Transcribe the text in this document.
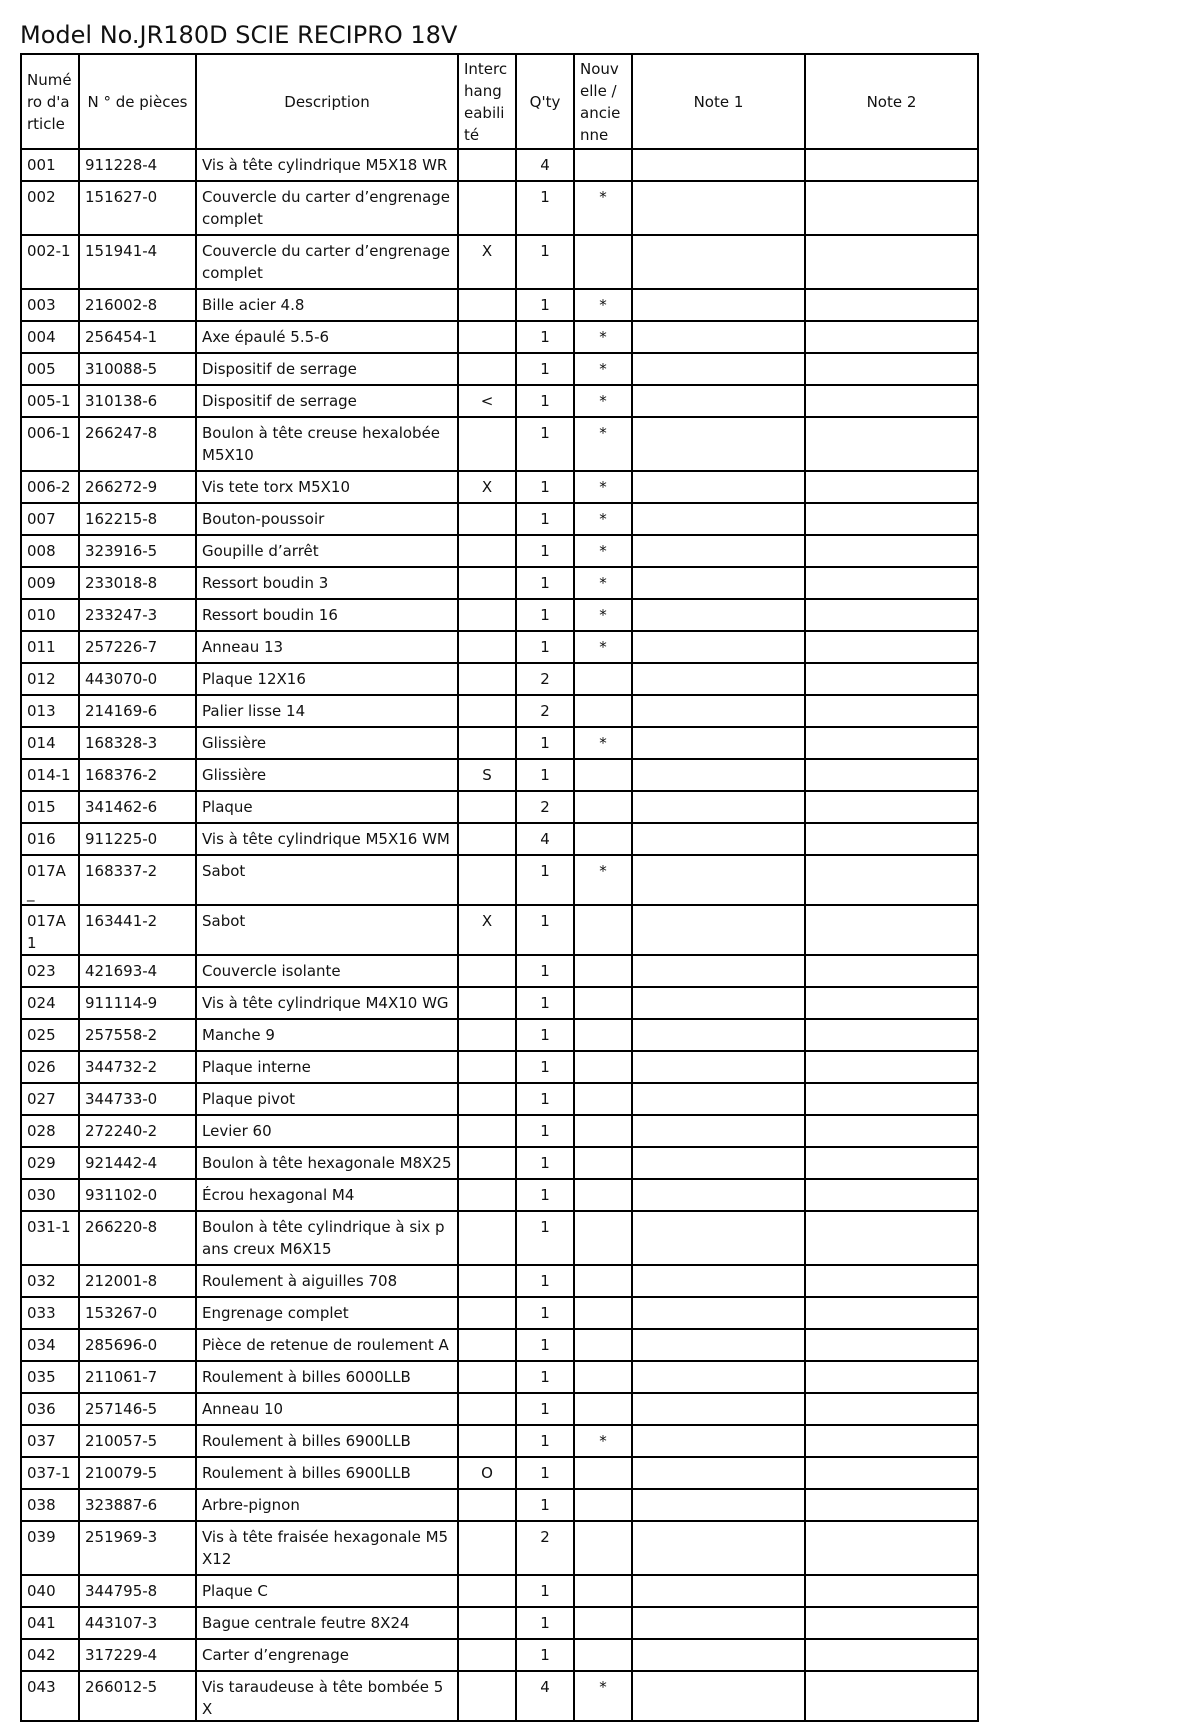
Model No.JR180D SCIE RECIPRO 18V
Numéro d'article	N ° de pièces	Description	Interchangeabilité	Q'ty	Nouvelle / ancienne	Note 1	Note 2
001	911228-4	Vis à tête cylindrique M5X18 WR		4			
002	151627-0	Couvercle du carter d’engrenage complet		1	*		
002-1	151941-4	Couvercle du carter d’engrenage complet	X	1			
003	216002-8	Bille acier 4.8		1	*		
004	256454-1	Axe épaulé 5.5-6		1	*		
005	310088-5	Dispositif de serrage		1	*		
005-1	310138-6	Dispositif de serrage	<	1	*		
006-1	266247-8	Boulon à tête creuse hexalobée M5X10		1	*		
006-2	266272-9	Vis tete torx M5X10	X	1	*		
007	162215-8	Bouton-poussoir		1	*		
008	323916-5	Goupille d’arrêt		1	*		
009	233018-8	Ressort boudin 3		1	*		
010	233247-3	Ressort boudin 16		1	*		
011	257226-7	Anneau 13		1	*		
012	443070-0	Plaque 12X16		2			
013	214169-6	Palier lisse 14		2			
014	168328-3	Glissière		1	*		
014-1	168376-2	Glissière	S	1			
015	341462-6	Plaque		2			
016	911225-0	Vis à tête cylindrique M5X16 WM		4			
017A_	168337-2	Sabot		1	*		
017A1	163441-2	Sabot	X	1			
023	421693-4	Couvercle isolante		1			
024	911114-9	Vis à tête cylindrique M4X10 WG		1			
025	257558-2	Manche 9		1			
026	344732-2	Plaque interne		1			
027	344733-0	Plaque pivot		1			
028	272240-2	Levier 60		1			
029	921442-4	Boulon à tête hexagonale M8X25		1			
030	931102-0	Écrou hexagonal M4		1			
031-1	266220-8	Boulon à tête cylindrique à six pans creux M6X15		1			
032	212001-8	Roulement à aiguilles 708		1			
033	153267-0	Engrenage complet		1			
034	285696-0	Pièce de retenue de roulement A		1			
035	211061-7	Roulement à billes 6000LLB		1			
036	257146-5	Anneau 10		1			
037	210057-5	Roulement à billes 6900LLB		1	*		
037-1	210079-5	Roulement à billes 6900LLB	O	1			
038	323887-6	Arbre-pignon		1			
039	251969-3	Vis à tête fraisée hexagonale M5X12		2			
040	344795-8	Plaque C		1			
041	443107-3	Bague centrale feutre 8X24		1			
042	317229-4	Carter d’engrenage		1			
043	266012-5	Vis taraudeuse à tête bombée 5X		4	*		
